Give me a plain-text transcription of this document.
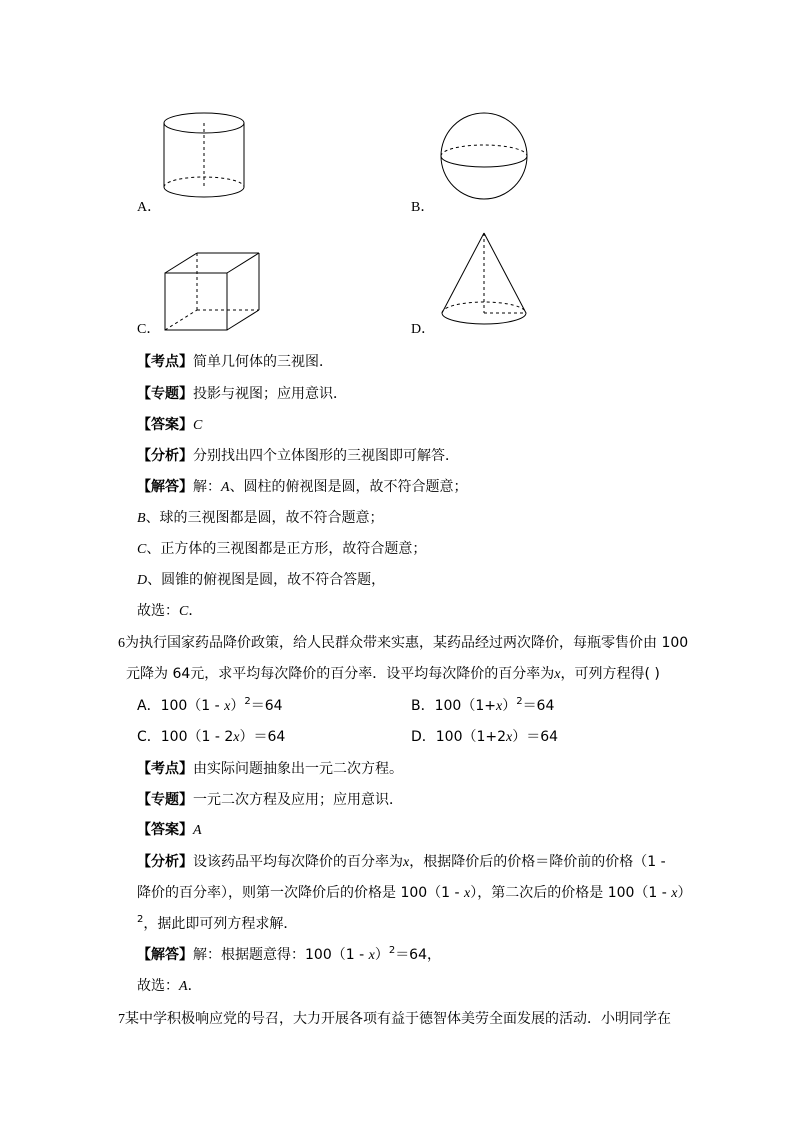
A．	B．
C．	D．
【考点】简单几何体的三视图．
【专题】投影与视图；应用意识．
【答案】C
【分析】分别找出四个立体图形的三视图即可解答．
【解答】解：A、圆柱的俯视图是圆，故不符合题意；
B、球的三视图都是圆，故不符合题意；
C、正方体的三视图都是正方形，故符合题意；
D、圆锥的俯视图是圆，故不符合答题，
故选：C．
6为执行国家药品降价政策，给人民群众带来实惠，某药品经过两次降价，每瓶零售价由 100
元降为 64元，求平均每次降价的百分率．设平均每次降价的百分率为x，可列方程得( )
A．100（1 - x）$^2$＝64	B．$100(1+x)^2=64$
C．100（1 - 2x）＝64	D．100（1+2x）＝64
【考点】由实际问题抽象出一元二次方程。
【专题】一元二次方程及应用；应用意识．
【答案】A
【分析】设该药品平均每次降价的百分率为x，根据降价后的价格＝降价前的价格（1 -
降价的百分率），则第一次降价后的价格是 100（1 - x），第二次后的价格是 100（1 - x）
$^2$，据此即可列方程求解．
【解答】解：根据题意得：100（1 - x）$^2$＝64，
故选：A．
7某中学积极响应党的号召，大力开展各项有益于德智体美劳全面发展的活动．小明同学在
